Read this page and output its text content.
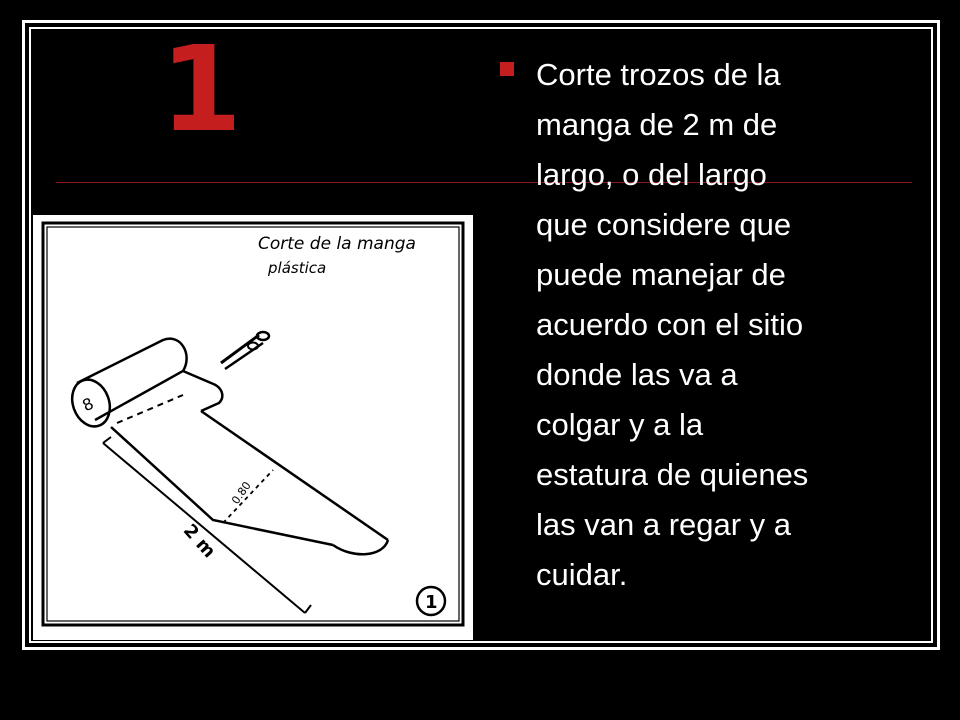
1
Corte de la manga
plástica
8
0.80
2 m
1
Corte trozos de la
manga de 2 m de
largo, o del largo
que considere que
puede manejar de
acuerdo con el sitio
donde las va a
colgar y a la
estatura de quienes
las van a regar y a
cuidar.
